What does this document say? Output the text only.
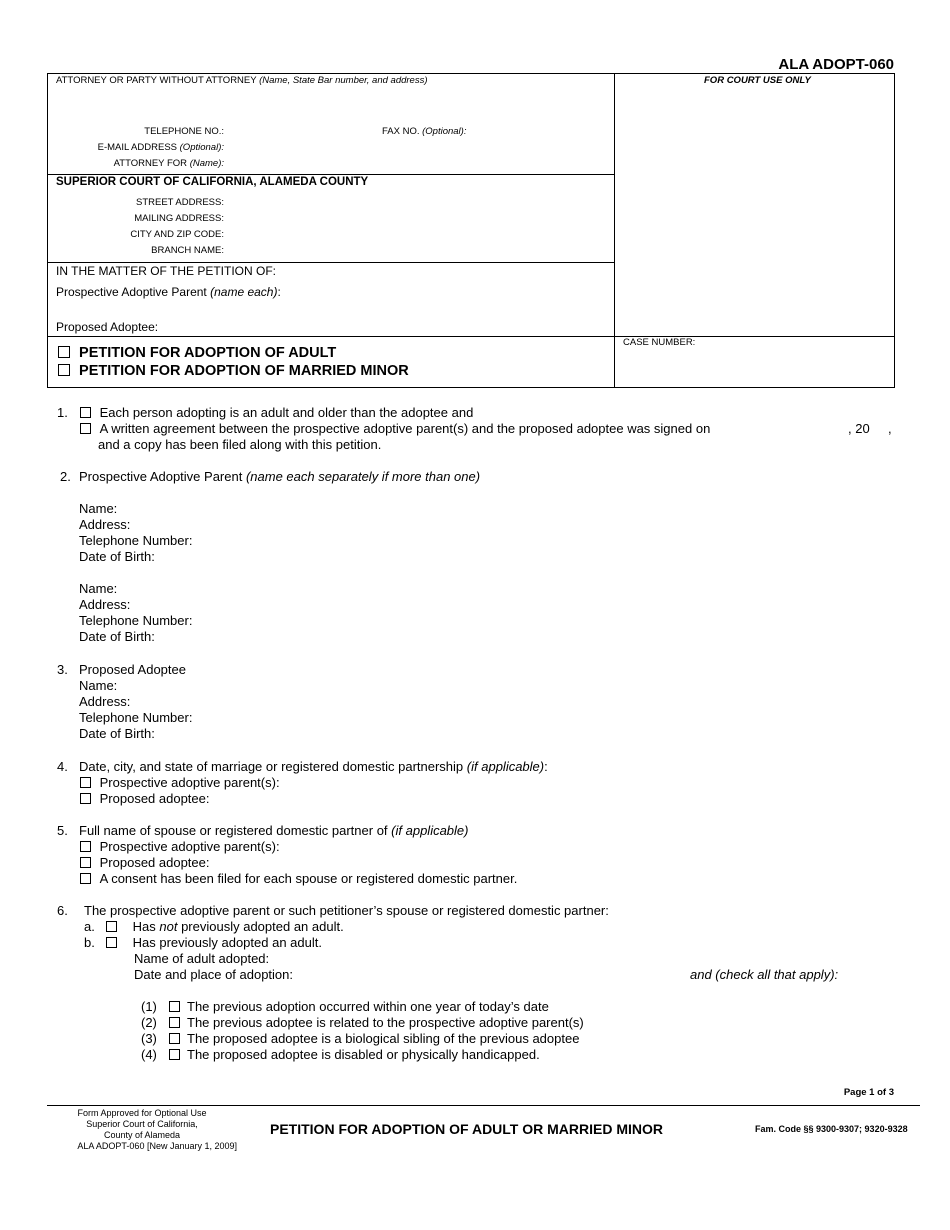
ALA ADOPT-060
ATTORNEY OR PARTY WITHOUT ATTORNEY (Name, State Bar number, and address)	FOR COURT USE ONLY
TELEPHONE NO.:	FAX NO. (Optional):
E-MAIL ADDRESS (Optional):
ATTORNEY FOR (Name):
SUPERIOR COURT OF CALIFORNIA, ALAMEDA COUNTY
STREET ADDRESS:
MAILING ADDRESS:
CITY AND ZIP CODE:
BRANCH NAME:
IN THE MATTER OF THE PETITION OF:
Prospective Adoptive Parent (name each):
Proposed Adoptee:
CASE NUMBER:
PETITION FOR ADOPTION OF ADULT
PETITION FOR ADOPTION OF MARRIED MINOR
1.	Each person adopting is an adult and older than the adoptee and
A written agreement between the prospective adoptive parent(s) and the proposed adoptee was signed on	, 20 ,
and a copy has been filed along with this petition.
2. Prospective Adoptive Parent (name each separately if more than one)
Name:
Address:
Telephone Number:
Date of Birth:
Name:
Address:
Telephone Number:
Date of Birth:
3. Proposed Adoptee
Name:
Address:
Telephone Number:
Date of Birth:
4. Date, city, and state of marriage or registered domestic partnership (if applicable):
Prospective adoptive parent(s):
Proposed adoptee:
5. Full name of spouse or registered domestic partner of (if applicable)
Prospective adoptive parent(s):
Proposed adoptee:
A consent has been filed for each spouse or registered domestic partner.
6. The prospective adoptive parent or such petitioner’s spouse or registered domestic partner:
a.	Has not previously adopted an adult.
b.	Has previously adopted an adult.
Name of adult adopted:
Date and place of adoption:	and (check all that apply):
(1) The previous adoption occurred within one year of today’s date
(2) The previous adoptee is related to the prospective adoptive parent(s)
(3) The proposed adoptee is a biological sibling of the previous adoptee
(4) The proposed adoptee is disabled or physically handicapped.
Page 1 of 3
Form Approved for Optional Use
Superior Court of California,
County of Alameda
ALA ADOPT-060 [New January 1, 2009]
PETITION FOR ADOPTION OF ADULT OR MARRIED MINOR	Fam. Code §§ 9300-9307; 9320-9328
